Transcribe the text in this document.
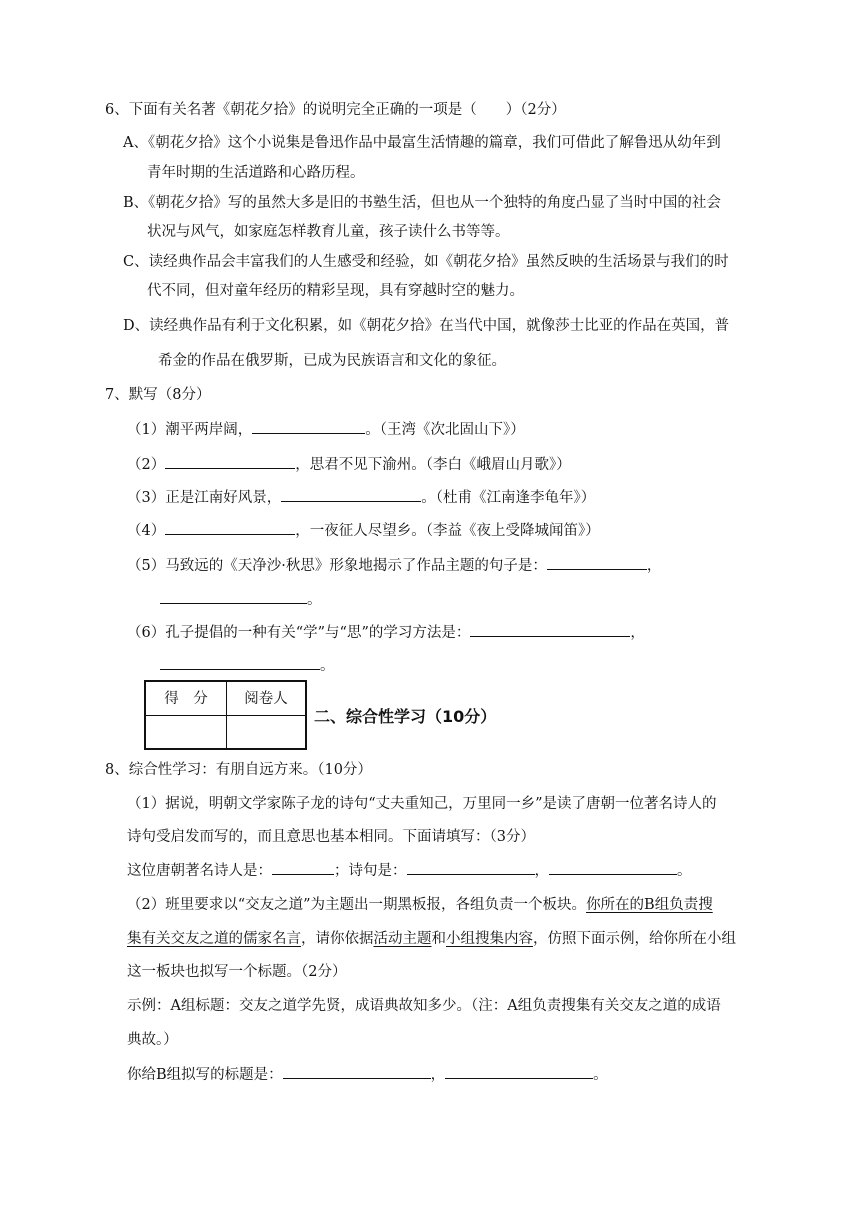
6、下面有关名著《朝花夕拾》的说明完全正确的一项是（　　）（2分）
A、《朝花夕拾》这个小说集是鲁迅作品中最富生活情趣的篇章，我们可借此了解鲁迅从幼年到
青年时期的生活道路和心路历程。
B、《朝花夕拾》写的虽然大多是旧的书塾生活，但也从一个独特的角度凸显了当时中国的社会
状况与风气，如家庭怎样教育儿童，孩子读什么书等等。
C、读经典作品会丰富我们的人生感受和经验，如《朝花夕拾》虽然反映的生活场景与我们的时
代不同，但对童年经历的精彩呈现，具有穿越时空的魅力。
D、读经典作品有利于文化积累，如《朝花夕拾》在当代中国，就像莎士比亚的作品在英国，普
希金的作品在俄罗斯，已成为民族语言和文化的象征。
7、默写（8分）
（1）潮平两岸阔，	。（王湾《次北固山下》）
（2）	，思君不见下渝州。（李白《峨眉山月歌》）
（3）正是江南好风景，	。（杜甫《江南逢李龟年》）
（4）	，一夜征人尽望乡。（李益《夜上受降城闻笛》）
（5）马致远的《天净沙·秋思》形象地揭示了作品主题的句子是：	，
。
（6）孔子提倡的一种有关“学”与“思”的学习方法是：	，
。
得　分	阅卷人
二、综合性学习（10分）
8、综合性学习：有朋自远方来。（10分）
（1）据说，明朝文学家陈子龙的诗句“丈夫重知己，万里同一乡”是读了唐朝一位著名诗人的
诗句受启发而写的，而且意思也基本相同。下面请填写：（3分）
这位唐朝著名诗人是：	；诗句是：	，	。
（2）班里要求以“交友之道”为主题出一期黑板报，各组负责一个板块。你所在的B组负责搜
集有关交友之道的儒家名言，请你依据活动主题和小组搜集内容，仿照下面示例，给你所在小组
这一板块也拟写一个标题。（2分）
示例：A组标题：交友之道学先贤，成语典故知多少。（注：A组负责搜集有关交友之道的成语
典故。）
你给B组拟写的标题是：	，	。
